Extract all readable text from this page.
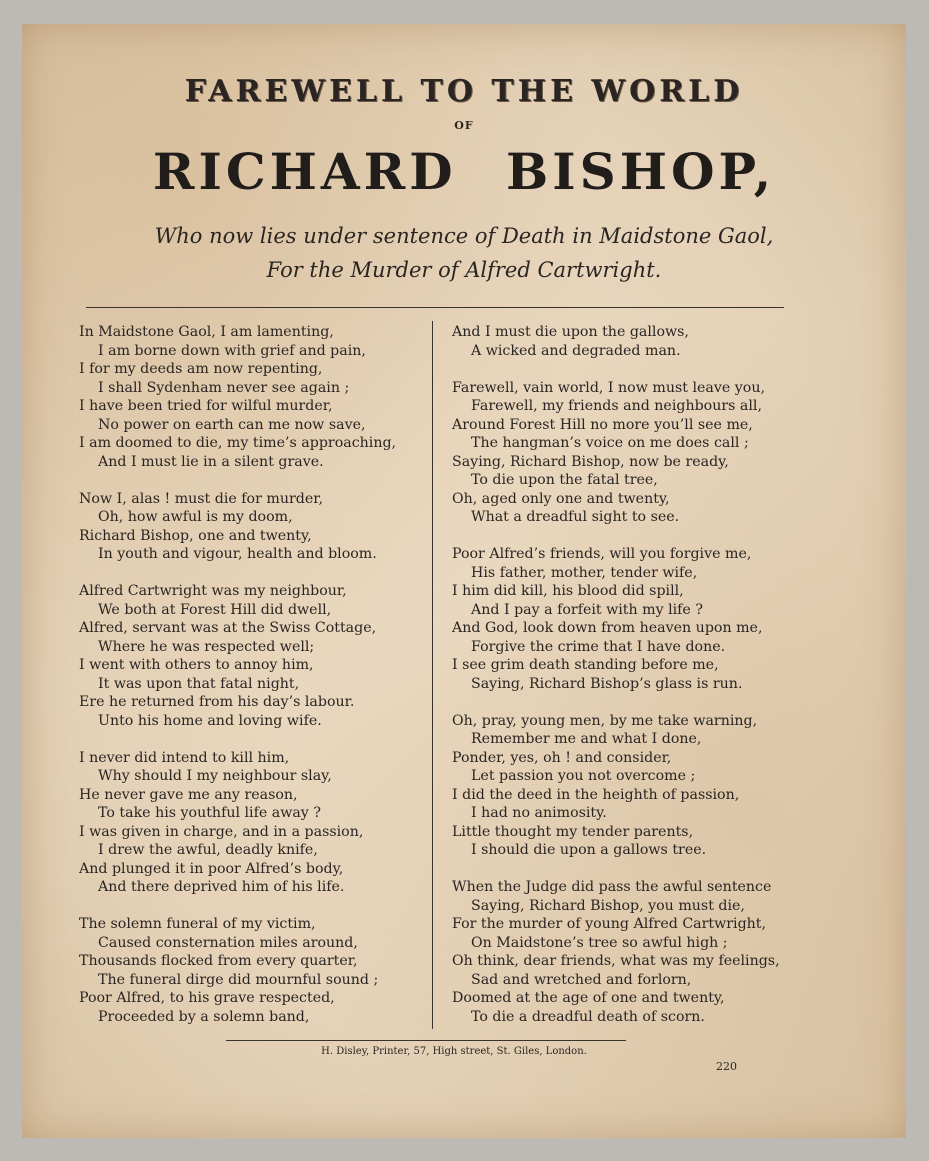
FAREWELL TO THE WORLD
OF
RICHARD BISHOP,
Who now lies under sentence of Death in Maidstone Gaol,
For the Murder of Alfred Cartwright.
In Maidstone Gaol, I am lamenting,
I am borne down with grief and pain,
I for my deeds am now repenting,
I shall Sydenham never see again ;
I have been tried for wilful murder,
No power on earth can me now save,
I am doomed to die, my time’s approaching,
And I must lie in a silent grave.
Now I, alas ! must die for murder,
Oh, how awful is my doom,
Richard Bishop, one and twenty,
In youth and vigour, health and bloom.
Alfred Cartwright was my neighbour,
We both at Forest Hill did dwell,
Alfred, servant was at the Swiss Cottage,
Where he was respected well;
I went with others to annoy him,
It was upon that fatal night,
Ere he returned from his day’s labour.
Unto his home and loving wife.
I never did intend to kill him,
Why should I my neighbour slay,
He never gave me any reason,
To take his youthful life away ?
I was given in charge, and in a passion,
I drew the awful, deadly knife,
And plunged it in poor Alfred’s body,
And there deprived him of his life.
The solemn funeral of my victim,
Caused consternation miles around,
Thousands flocked from every quarter,
The funeral dirge did mournful sound ;
Poor Alfred, to his grave respected,
Proceeded by a solemn band,
And I must die upon the gallows,
A wicked and degraded man.
Farewell, vain world, I now must leave you,
Farewell, my friends and neighbours all,
Around Forest Hill no more you’ll see me,
The hangman’s voice on me does call ;
Saying, Richard Bishop, now be ready,
To die upon the fatal tree,
Oh, aged only one and twenty,
What a dreadful sight to see.
Poor Alfred’s friends, will you forgive me,
His father, mother, tender wife,
I him did kill, his blood did spill,
And I pay a forfeit with my life ?
And God, look down from heaven upon me,
Forgive the crime that I have done.
I see grim death standing before me,
Saying, Richard Bishop’s glass is run.
Oh, pray, young men, by me take warning,
Remember me and what I done,
Ponder, yes, oh ! and consider,
Let passion you not overcome ;
I did the deed in the heighth of passion,
I had no animosity.
Little thought my tender parents,
I should die upon a gallows tree.
When the Judge did pass the awful sentence
Saying, Richard Bishop, you must die,
For the murder of young Alfred Cartwright,
On Maidstone’s tree so awful high ;
Oh think, dear friends, what was my feelings,
Sad and wretched and forlorn,
Doomed at the age of one and twenty,
To die a dreadful death of scorn.
H. Disley, Printer, 57, High street, St. Giles, London.
220
